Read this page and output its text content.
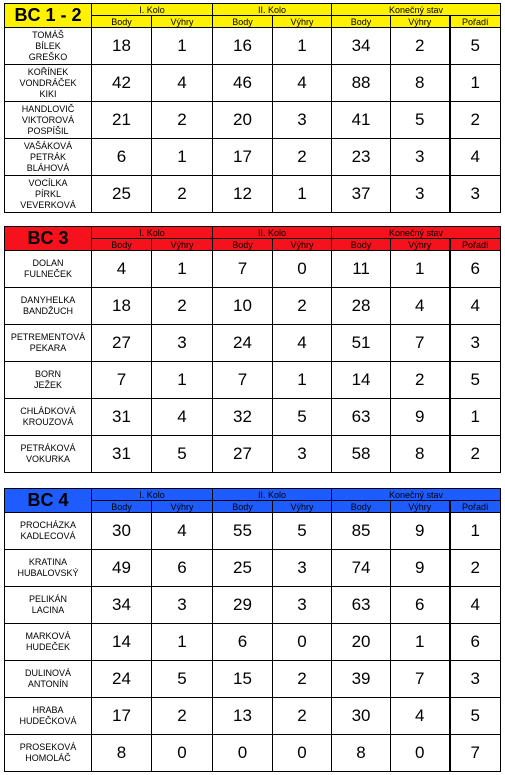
BC 1 - 2	I. Kolo		II. Kolo		Konečný stav		
	Body	Výhry	Body	Výhry	Body	Výhry	Pořadí

TOMÁŠ
BÍLEK
GREŠKO	18	1	16	1	34	2	5

KOŘÍNEK
VONDRÁČEK
KIKI	42	4	46	4	88	8	1

HANDLOVIČ
VIKTOROVÁ
POSPÍŠIL	21	2	20	3	41	5	2

VAŠÁKOVÁ
PETRÁK
BLÁHOVÁ	6	1	17	2	23	3	4

VOCÍLKA
PÍRKL
VEVERKOVÁ	25	2	12	1	37	3	3
BC 3	I. Kolo		II. Kolo		Konečný stav		
	Body	Výhry	Body	Výhry	Body	Výhry	Pořadí

DOLAN
FULNEČEK	4	1	7	0	11	1	6

DANYHELKA
BANDŽUCH	18	2	10	2	28	4	4

PETREMENTOVÁ
PEKARA	27	3	24	4	51	7	3

BORN
JEŽEK	7	1	7	1	14	2	5

CHLÁDKOVÁ
KROUZOVÁ	31	4	32	5	63	9	1

PETRÁKOVÁ
VOKURKA	31	5	27	3	58	8	2
BC 4	I. Kolo		II. Kolo		Konečný stav		
	Body	Výhry	Body	Výhry	Body	Výhry	Pořadí

PROCHÁZKA
KADLECOVÁ	30	4	55	5	85	9	1

KRATINA
HUBALOVSKÝ	49	6	25	3	74	9	2

PELIKÁN
LACINA	34	3	29	3	63	6	4

MARKOVÁ
HUDEČEK	14	1	6	0	20	1	6

DULINOVÁ
ANTONÍN	24	5	15	2	39	7	3

HRABA
HUDEČKOVÁ	17	2	13	2	30	4	5

PROSEKOVÁ
HOMOLÁČ	8	0	0	0	8	0	7
